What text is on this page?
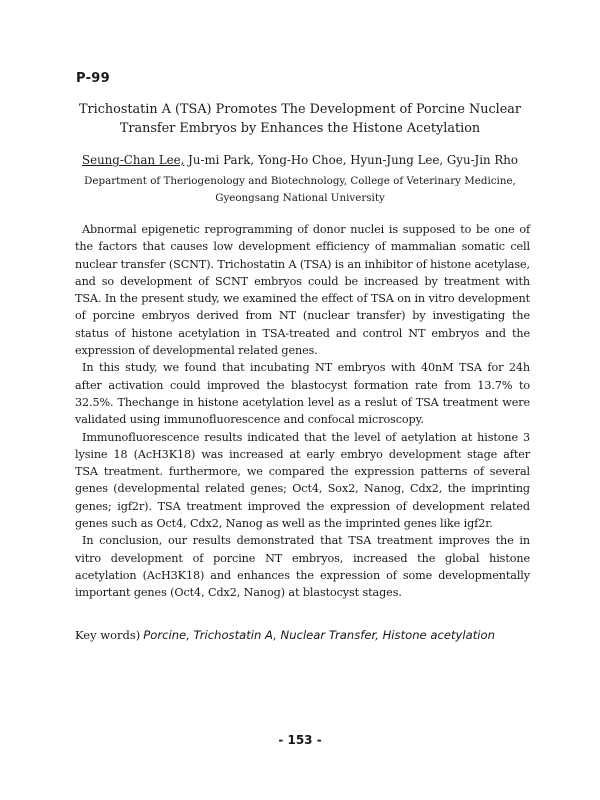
P-99
Trichostatin A (TSA) Promotes The Development of Porcine Nuclear Transfer Embryos by Enhances the Histone Acetylation
Seung-Chan Lee, Ju-mi Park, Yong-Ho Choe, Hyun-Jung Lee, Gyu-Jin Rho
Department of Theriogenology and Biotechnology, College of Veterinary Medicine, Gyeongsang National University

Abnormal epigenetic reprogramming of donor nuclei is supposed to be one of the factors that causes low development efficiency of mammalian somatic cell nuclear transfer (SCNT). Trichostatin A (TSA) is an inhibitor of histone acetylase, and so development of SCNT embryos could be increased by treatment with TSA. In the present study, we examined the effect of TSA on in vitro development of porcine embryos derived from NT (nuclear transfer) by investigating the status of histone acetylation in TSA-treated and control NT embryos and the expression of developmental related genes.

In this study, we found that incubating NT embryos with 40nM TSA for 24h after activation could improved the blastocyst formation rate from 13.7% to 32.5%. Thechange in histone acetylation level as a reslut of TSA treatment were validated using immunofluorescence and confocal microscopy.

Immunofluorescence results indicated that the level of aetylation at histone 3 lysine 18 (AcH3K18) was increased at early embryo development stage after TSA treatment. furthermore, we compared the expression patterns of several genes (developmental related genes; Oct4, Sox2, Nanog, Cdx2, the imprinting genes; igf2r). TSA treatment improved the expression of development related genes such as Oct4, Cdx2, Nanog as well as the imprinted genes like igf2r.

In conclusion, our results demonstrated that TSA treatment improves the in vitro development of porcine NT embryos, increased the global histone acetylation (AcH3K18) and enhances the expression of some developmentally important genes (Oct4, Cdx2, Nanog) at blastocyst stages.

Key words) Porcine, Trichostatin A, Nuclear Transfer, Histone acetylation
- 153 -
